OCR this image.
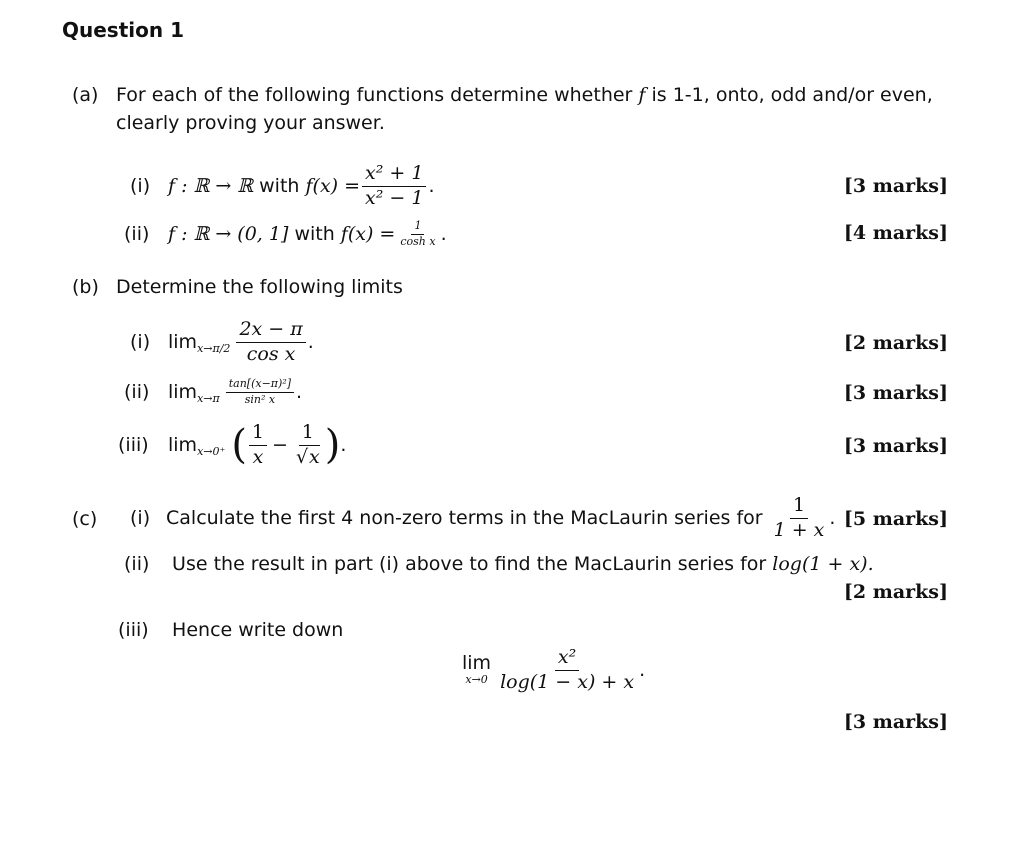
Question 1
(a) For each of the following functions determine whether f is 1-1, onto, odd and/or even,
clearly proving your answer.
(i) f : ℝ → ℝ
with
$f(x) = \frac{\text{x² + 1}}{\text{x² − 1}}$ .	[3 marks]
(ii) f : ℝ → (0, 1]
with
$f(x) = \frac{1}{\text{cosh x}}$ .	[4 marks]
(b) Determine the following limits
(i) $\lim x\to\pi/2 \frac{2x - \pi}{\text{cos x}}$ .	[2 marks]
(ii) $\lim x\to\pi \frac{\text{tan[(x−π)²]}}{\text{sin² x}}$ .	[3 marks]
(iii)	lim x→0⁺ ( $\frac{1}{x} - \frac{1}{√x}$ ) .	[3 marks]
(c) (i) Calculate the first 4 non-zero terms in the MacLaurin series for $\frac{1}{1 + x}$ . [5 marks]
(ii) Use the result in part (i) above to find the MacLaurin series for log(1 + x).
[2 marks]
(iii) Hence write down
lim
$x\to 0 \frac{\text{x²}}{\log(1 - x) + x}$ .
[3 marks]
